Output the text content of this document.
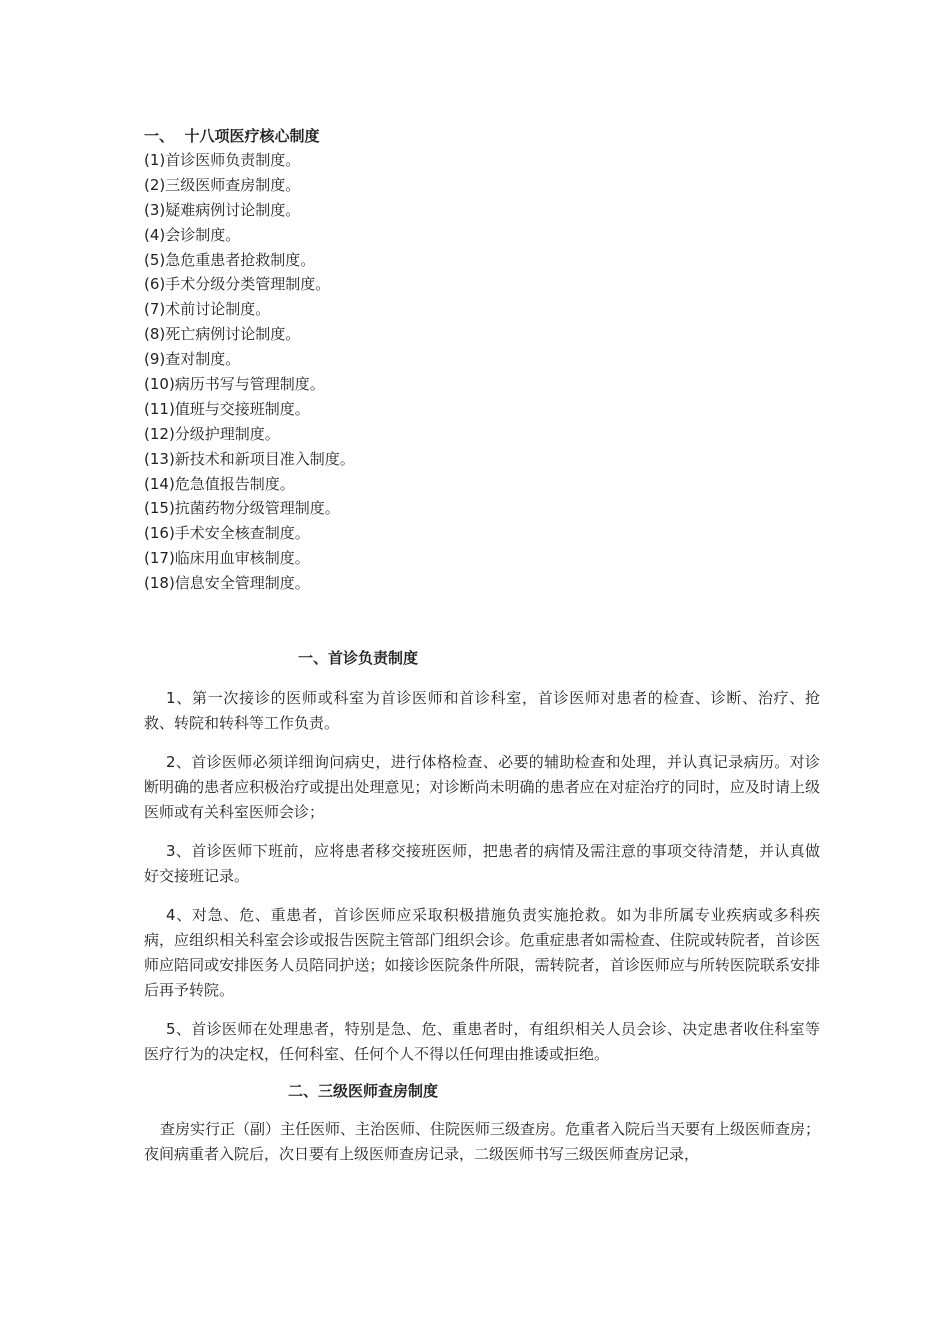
一、  十八项医疗核心制度
(1)首诊医师负责制度。
(2)三级医师查房制度。
(3)疑难病例讨论制度。
(4)会诊制度。
(5)急危重患者抢救制度。
(6)手术分级分类管理制度。
(7)术前讨论制度。
(8)死亡病例讨论制度。
(9)查对制度。
(10)病历书写与管理制度。
(11)值班与交接班制度。
(12)分级护理制度。
(13)新技术和新项目准入制度。
(14)危急值报告制度。
(15)抗菌药物分级管理制度。
(16)手术安全核查制度。
(17)临床用血审核制度。
(18)信息安全管理制度。
一、首诊负责制度

1、第一次接诊的医师或科室为首诊医师和首诊科室，首诊医师对患者的检查、诊断、治疗、抢救、转院和转科等工作负责。

2、首诊医师必须详细询问病史，进行体格检查、必要的辅助检查和处理，并认真记录病历。对诊断明确的患者应积极治疗或提出处理意见；对诊断尚未明确的患者应在对症治疗的同时，应及时请上级医师或有关科室医师会诊；

3、首诊医师下班前，应将患者移交接班医师，把患者的病情及需注意的事项交待清楚，并认真做好交接班记录。

4、对急、危、重患者，首诊医师应采取积极措施负责实施抢救。如为非所属专业疾病或多科疾病，应组织相关科室会诊或报告医院主管部门组织会诊。危重症患者如需检查、住院或转院者，首诊医师应陪同或安排医务人员陪同护送；如接诊医院条件所限，需转院者，首诊医师应与所转医院联系安排后再予转院。

5、首诊医师在处理患者，特别是急、危、重患者时，有组织相关人员会诊、决定患者收住科室等医疗行为的决定权，任何科室、任何个人不得以任何理由推诿或拒绝。

二、三级医师查房制度

查房实行正（副）主任医师、主治医师、住院医师三级查房。危重者入院后当天要有上级医师查房；夜间病重者入院后，次日要有上级医师查房记录，二级医师书写三级医师查房记录，
